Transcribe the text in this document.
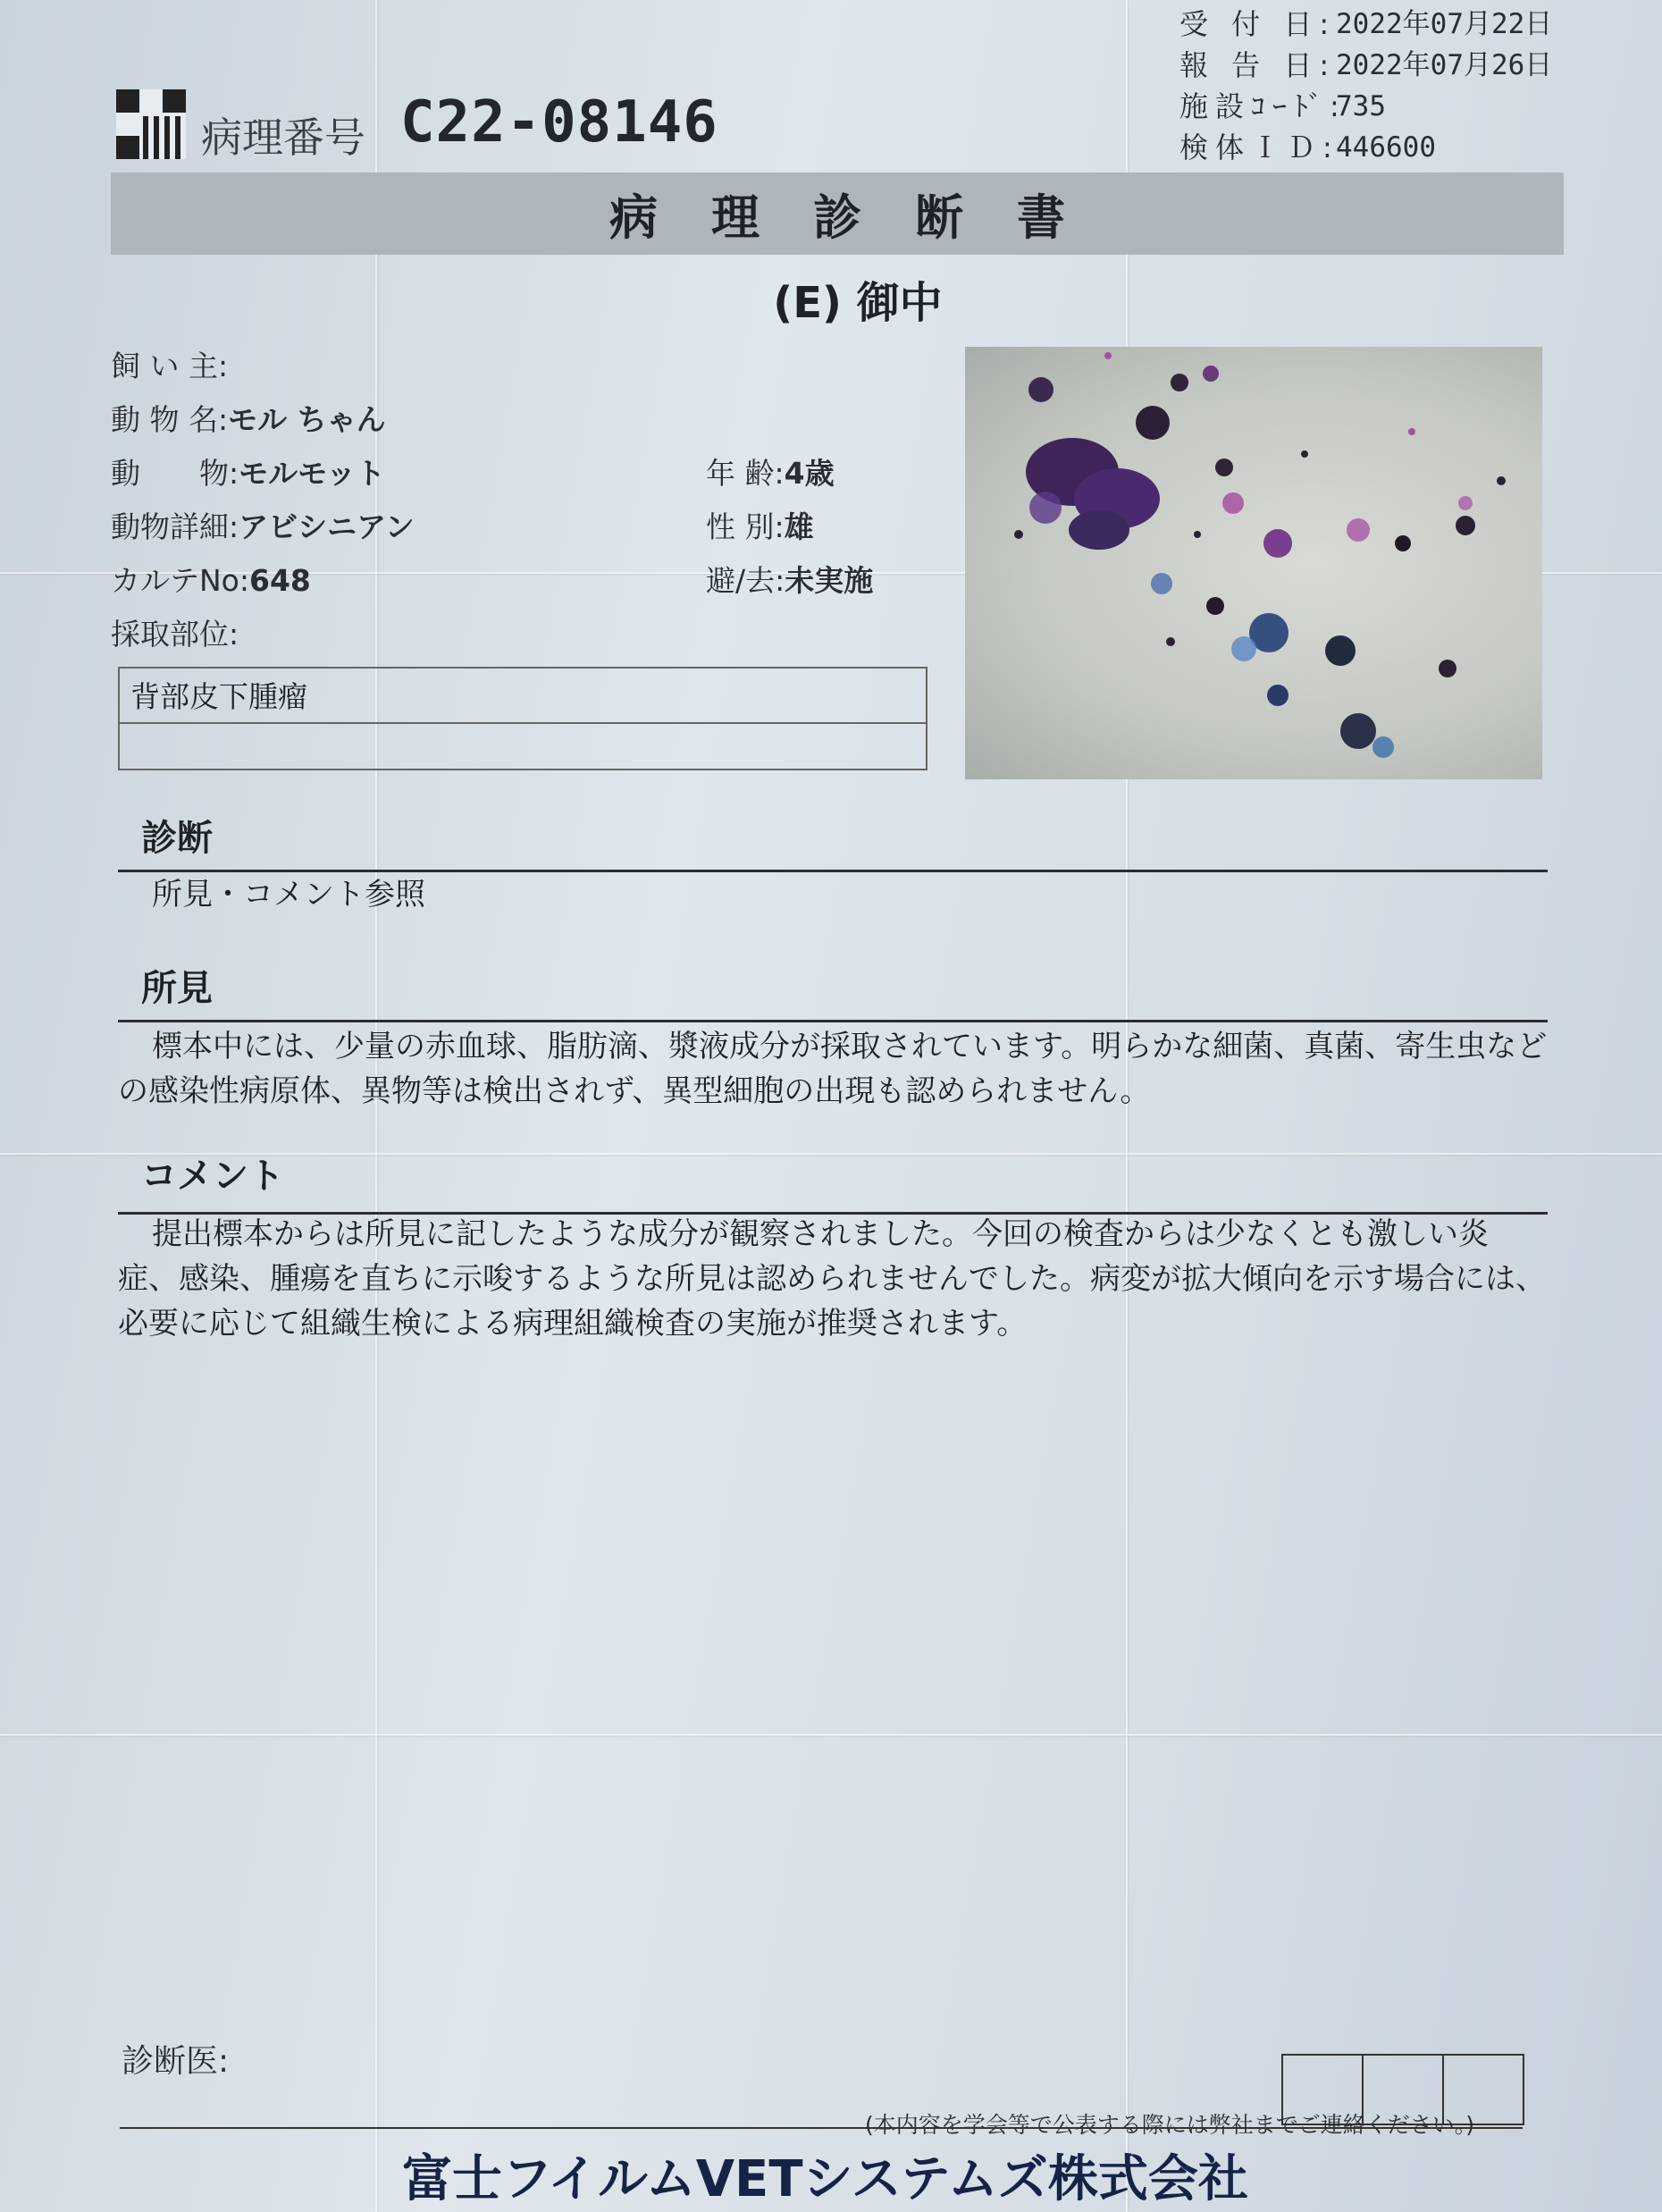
病理番号 C22-08146
受 付 日: 2022年07月22日
報 告 日: 2022年07月26日
施設ｺｰﾄﾞ:
735
検体ＩＤ:
446600
病理診断書
(E) 御中
飼 い 主:
動 物 名:モル ちゃん
動　　物:モルモット
動物詳細:アビシニアン
カルテNo:648
採取部位:
年 齢:4歳
性 別:雄
避/去:未実施
背部皮下腫瘤
診断
所見・コメント参照
所見
標本中には、少量の赤血球、脂肪滴、漿液成分が採取されています。明らかな細菌、真菌、寄生虫などの感染性病原体、異物等は検出されず、異型細胞の出現も認められません。
コメント
提出標本からは所見に記したような成分が観察されました。今回の検査からは少なくとも激しい炎症、感染、腫瘍を直ちに示唆するような所見は認められませんでした。病変が拡大傾向を示す場合には、必要に応じて組織生検による病理組織検査の実施が推奨されます。
診断医:
(本内容を学会等で公表する際には弊社までご連絡ください。)
富士フイルムVETシステムズ株式会社
